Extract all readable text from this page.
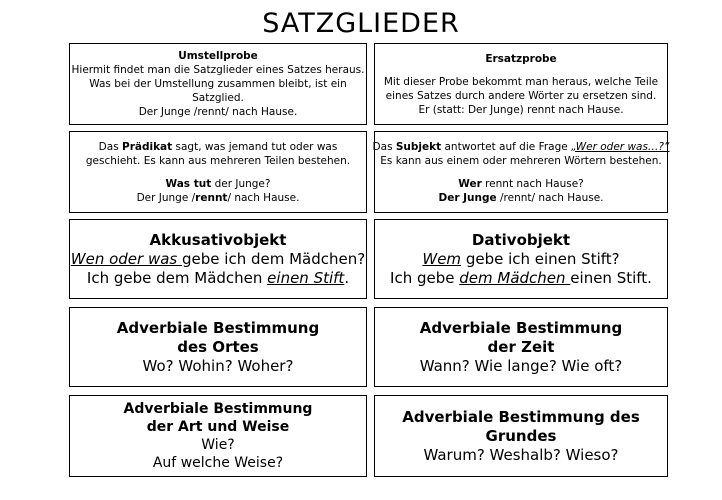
SATZGLIEDER
Umstellprobe
Hiermit findet man die Satzglieder eines Satzes heraus.
Was bei der Umstellung zusammen bleibt, ist ein
Satzglied.
Der Junge /rennt/ nach Hause.
Ersatzprobe
Mit dieser Probe bekommt man heraus, welche Teile
eines Satzes durch andere Wörter zu ersetzen sind.
Er (statt: Der Junge) rennt nach Hause.
Das Prädikat sagt, was jemand tut oder was
geschieht. Es kann aus mehreren Teilen bestehen.
Was tut der Junge?
Der Junge /rennt/ nach Hause.
Das Subjekt antwortet auf die Frage „Wer oder was…?“
Es kann aus einem oder mehreren Wörtern bestehen.
Wer rennt nach Hause?
Der Junge /rennt/ nach Hause.
Akkusativobjekt
Wen oder was gebe ich dem Mädchen?
Ich gebe dem Mädchen einen Stift.
Dativobjekt
Wem gebe ich einen Stift?
Ich gebe dem Mädchen einen Stift.
Adverbiale Bestimmung
des Ortes
Wo? Wohin? Woher?
Adverbiale Bestimmung
der Zeit
Wann? Wie lange? Wie oft?
Adverbiale Bestimmung
der Art und Weise
Wie?
Auf welche Weise?
Adverbiale Bestimmung des
Grundes
Warum? Weshalb? Wieso?
